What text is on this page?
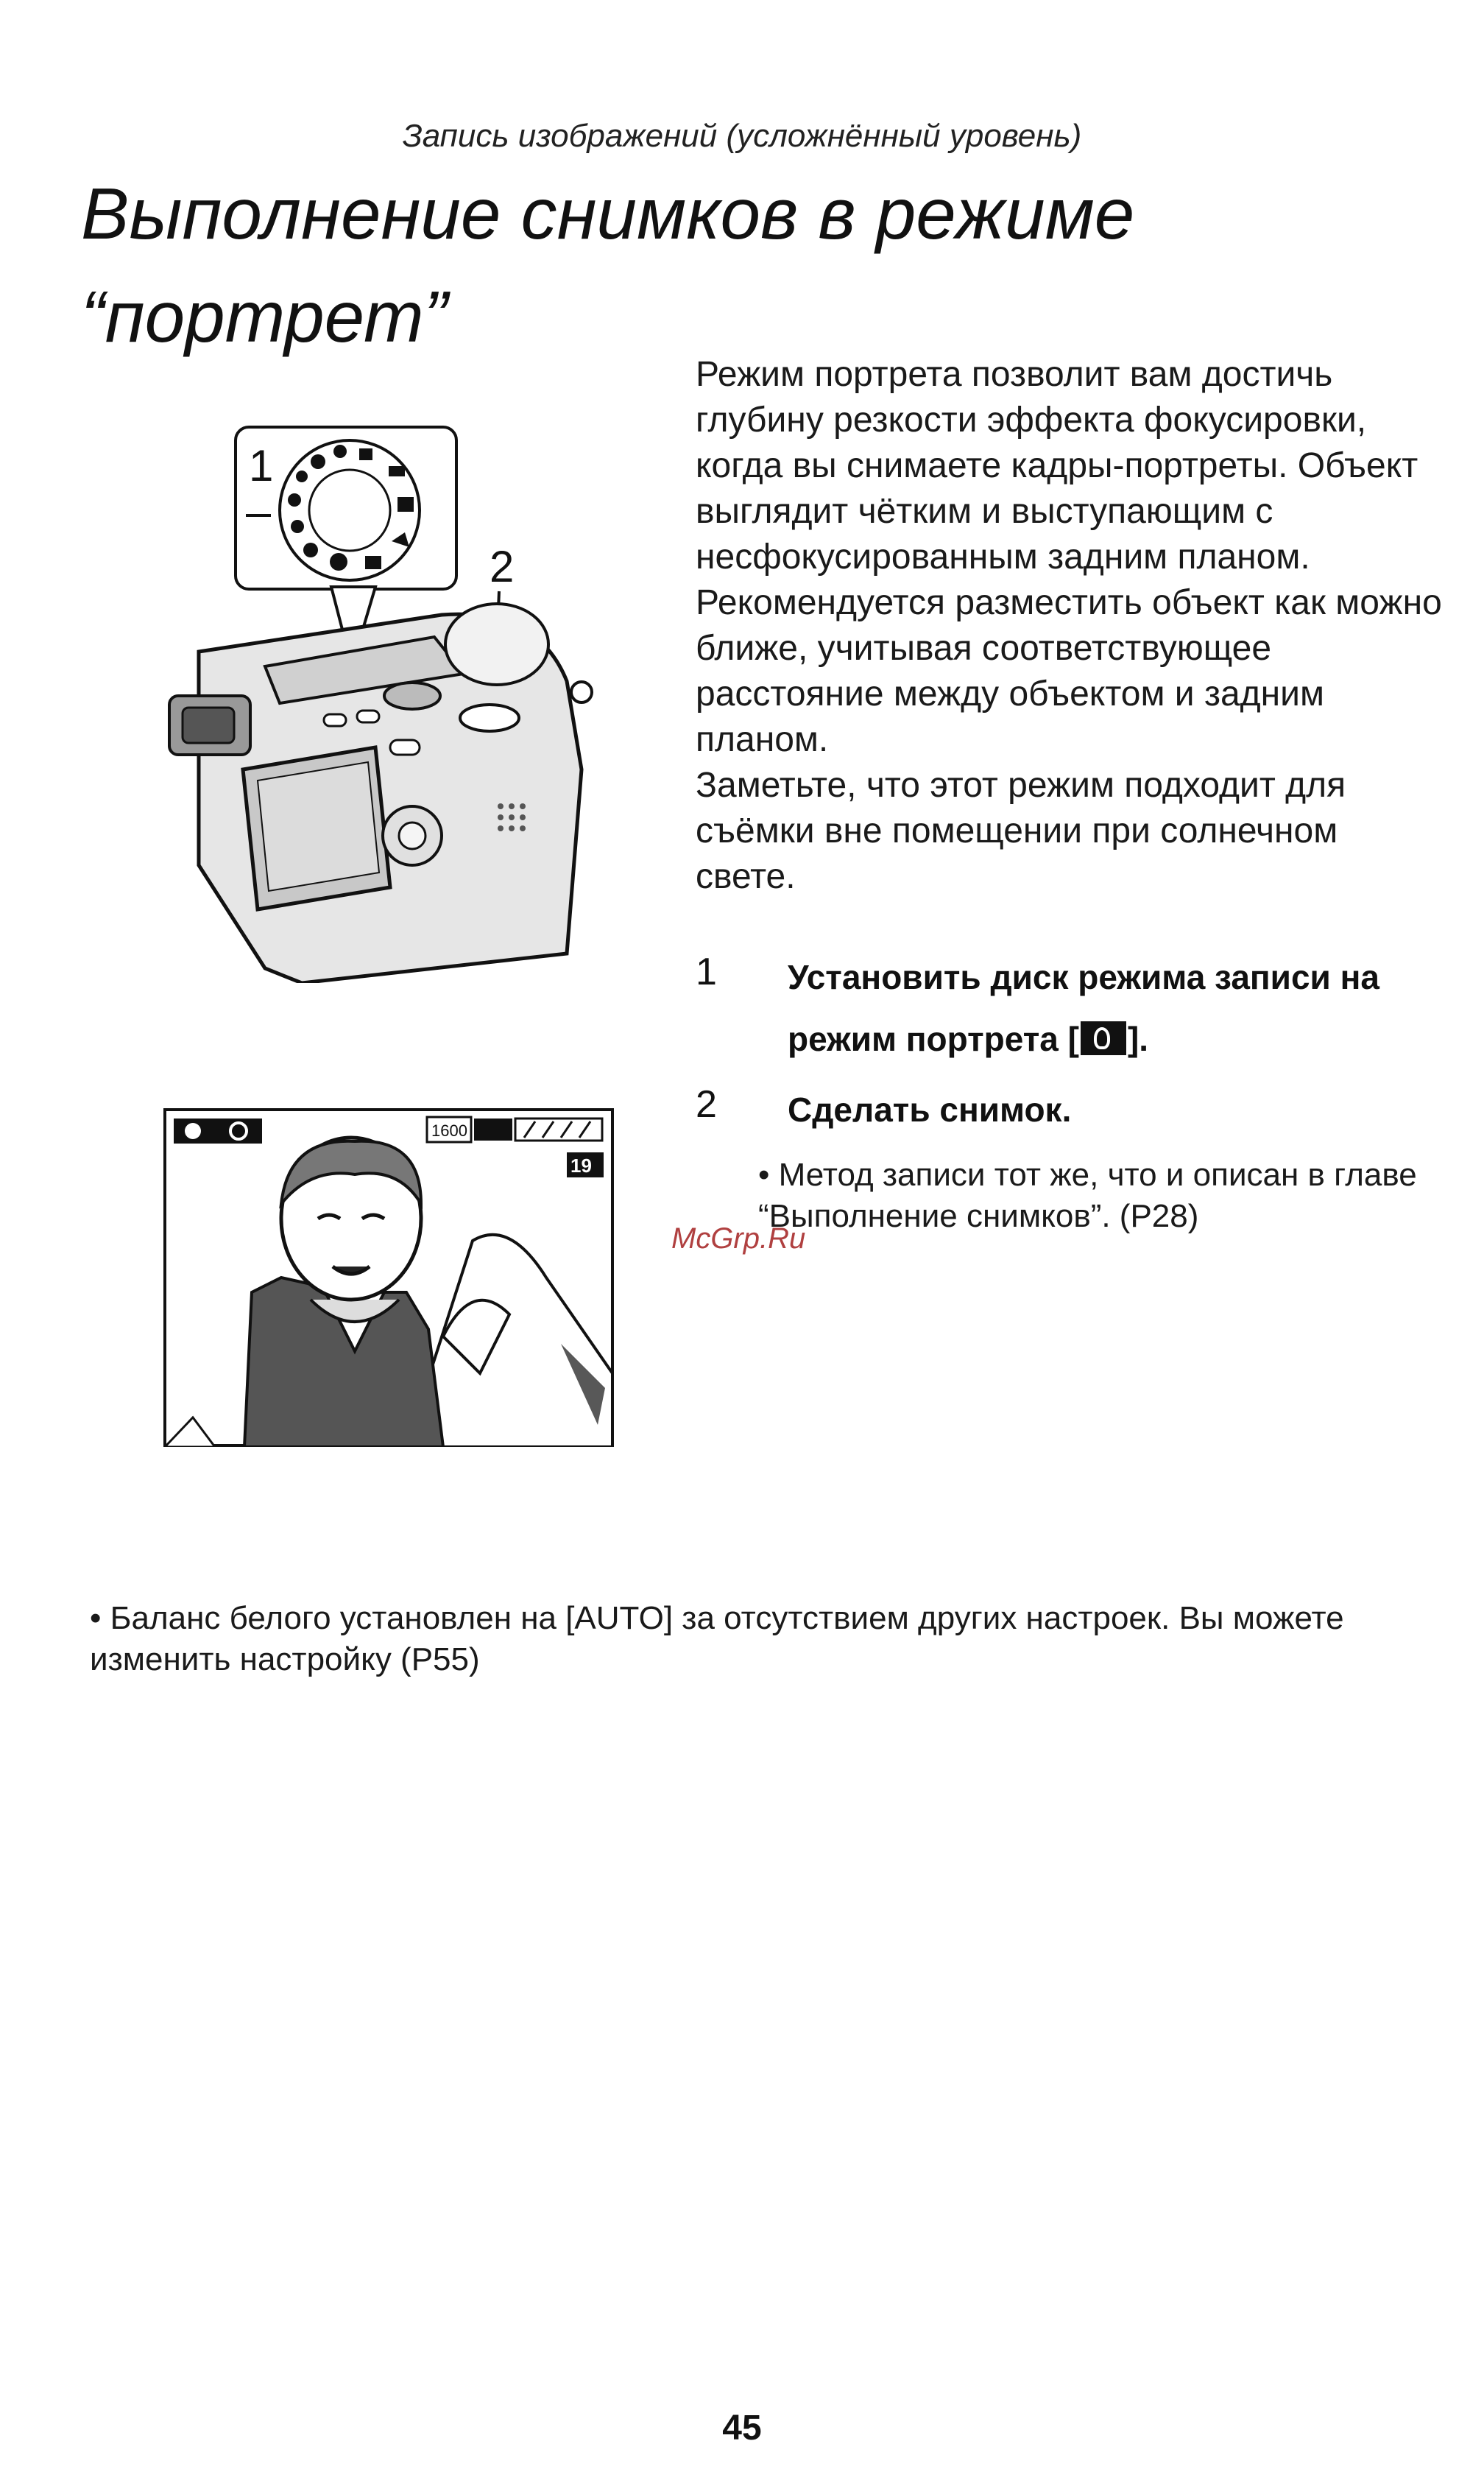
Запись изображений (усложнённый уровень)
Выполнение снимков в режиме
“портрет”
1
2
1600
19

Режим портрета позволит вам достичь глубину резкости эффекта фокусировки, когда вы снимаете кадры-портреты. Объект выглядит чётким и выступающим с несфокусированным задним планом. Рекомендуется разместить объект как можно ближе, учитывая соответствующее расстояние между объектом и задним планом.

Заметьте, что этот режим подходит для съёмки вне помещении при солнечном свете.

1 Установить диск режима записи на режим портрета [ ].
2 Сделать снимок.
• Метод записи тот же, что и описан в главе “Выполнение снимков”. (P28)
McGrp.Ru
• Баланс белого установлен на [AUTO] за отсутствием других настроек. Вы можете изменить настройку (P55)
45
